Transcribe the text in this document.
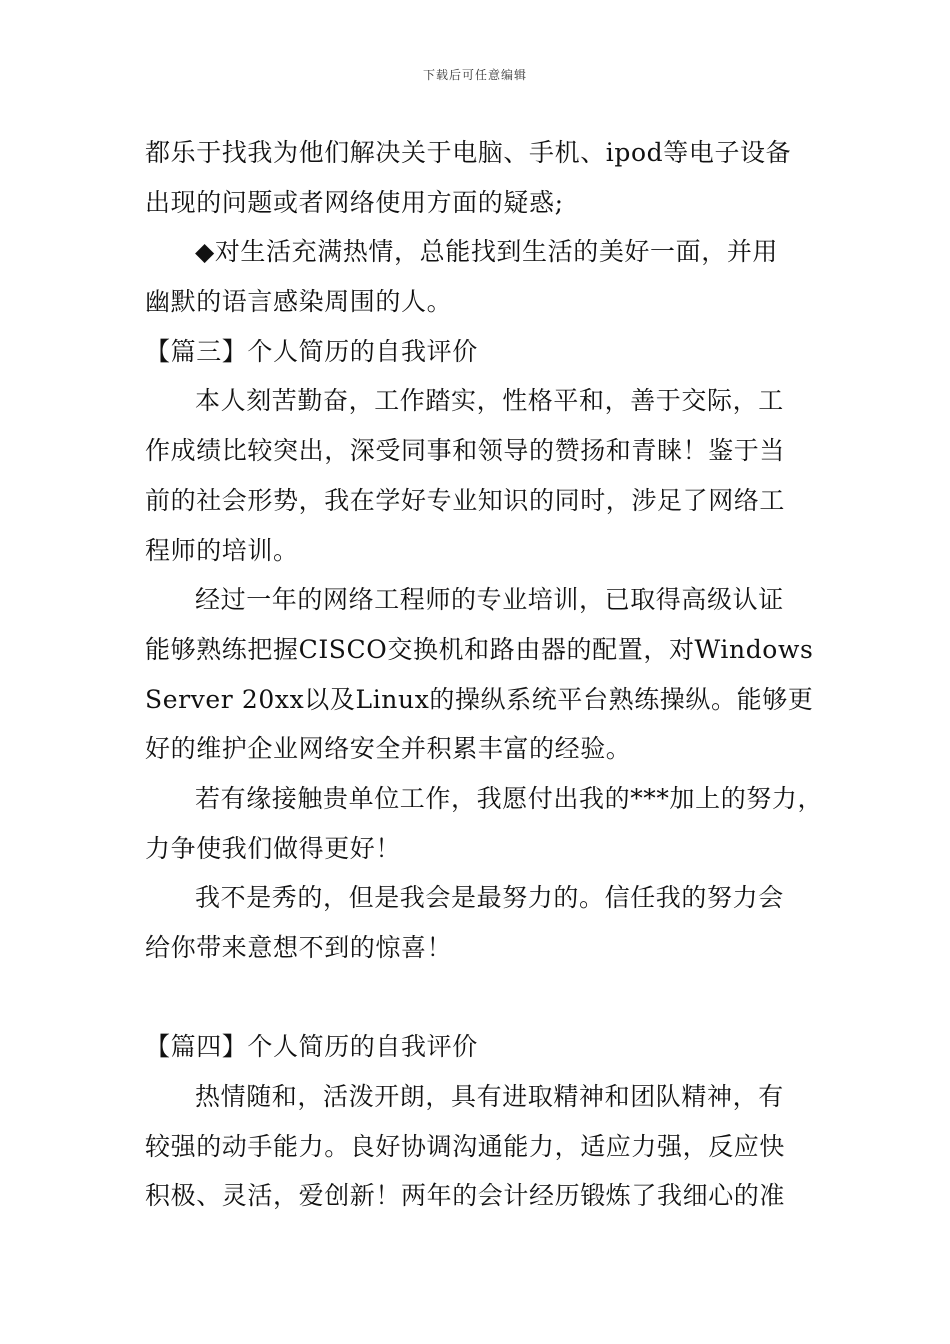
下载后可任意编辑
都乐于找我为他们解决关于电脑、手机、ipod等电子设备
出现的问题或者网络使用方面的疑惑;
◆对生活充满热情，总能找到生活的美好一面，并用
幽默的语言感染周围的人。
【篇三】个人简历的自我评价
本人刻苦勤奋，工作踏实，性格平和，善于交际，工
作成绩比较突出，深受同事和领导的赞扬和青睐！鉴于当
前的社会形势，我在学好专业知识的同时，涉足了网络工
程师的培训。
经过一年的网络工程师的专业培训，已取得高级认证
能够熟练把握CISCO交换机和路由器的配置，对Windows
Server 20xx以及Linux的操纵系统平台熟练操纵。能够更
好的维护企业网络安全并积累丰富的经验。
若有缘接触贵单位工作，我愿付出我的***加上的努力，
力争使我们做得更好！
我不是秀的，但是我会是最努力的。信任我的努力会
给你带来意想不到的惊喜！
【篇四】个人简历的自我评价
热情随和，活泼开朗，具有进取精神和团队精神，有
较强的动手能力。良好协调沟通能力，适应力强，反应快
积极、灵活，爱创新！两年的会计经历锻炼了我细心的准
